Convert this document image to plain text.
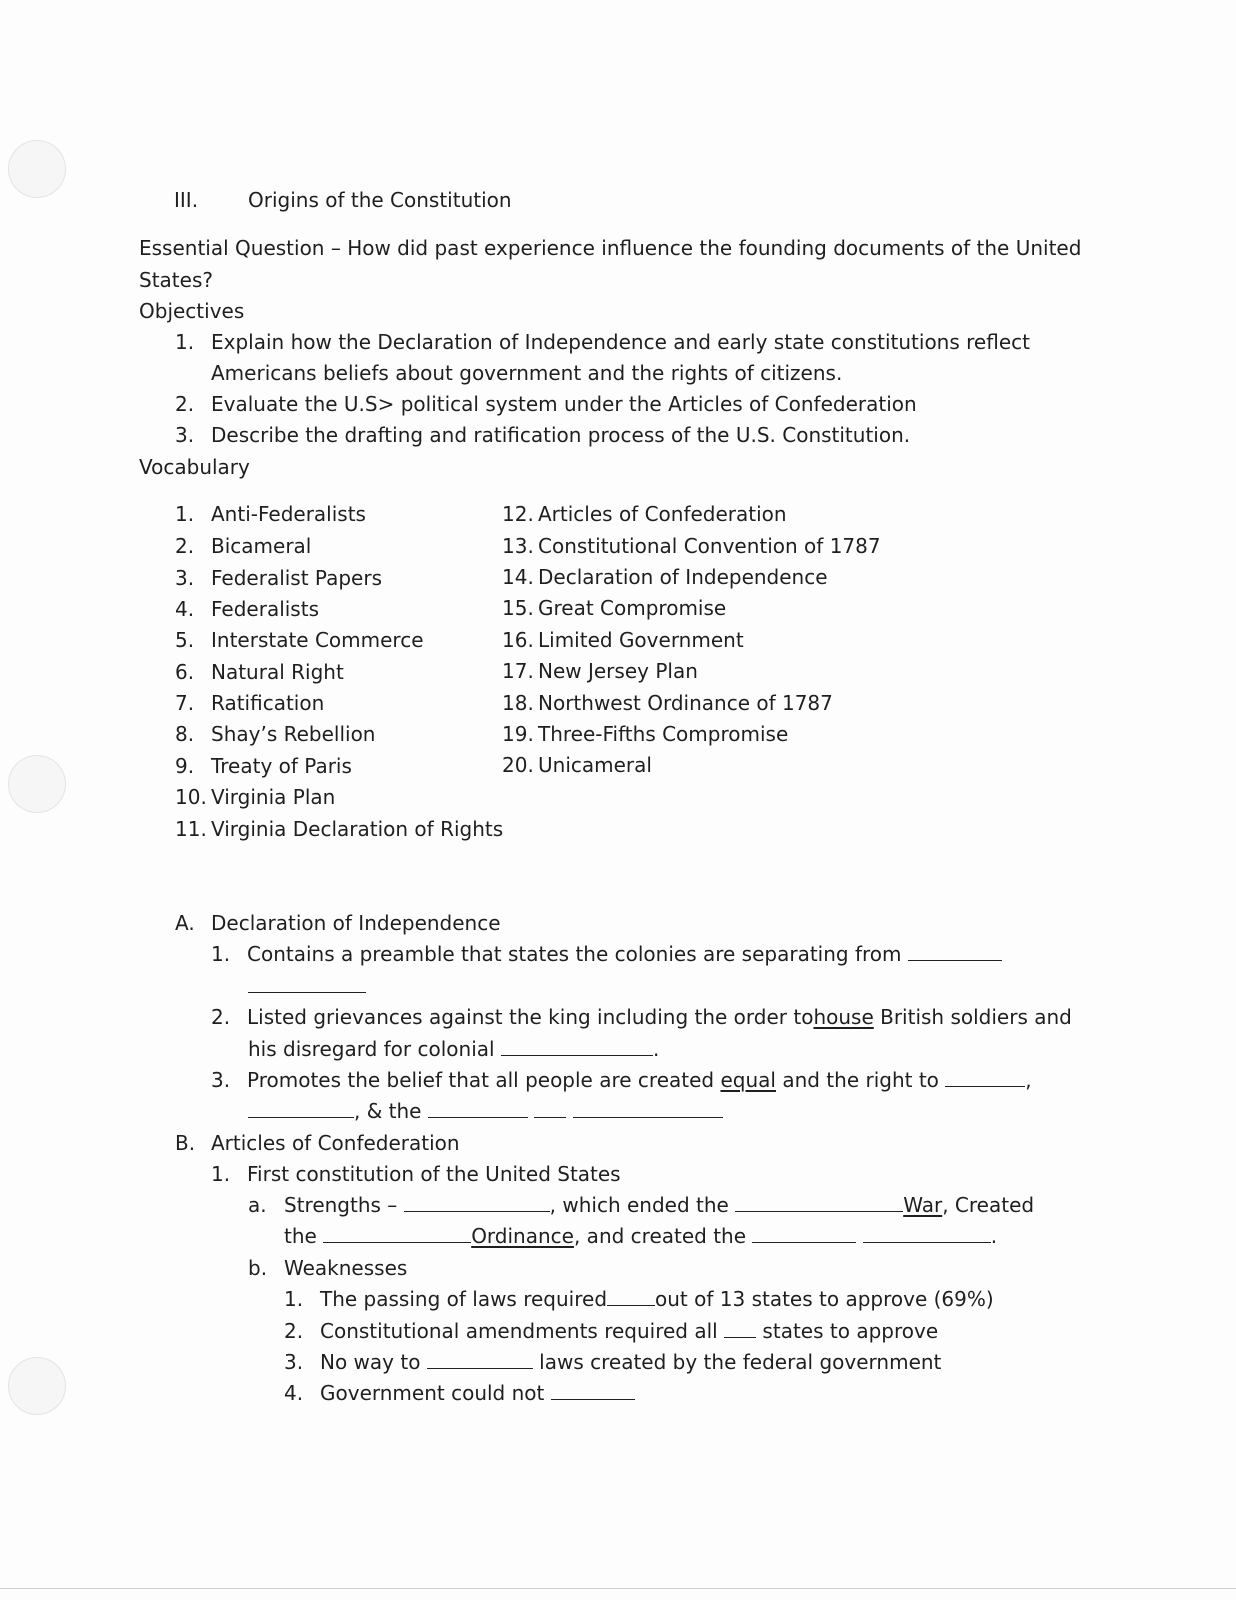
III. Origins of the Constitution
Essential Question – How did past experience influence the founding documents of the United
States?
Objectives
1. Explain how the Declaration of Independence and early state constitutions reflect
Americans beliefs about government and the rights of citizens.
2. Evaluate the U.S> political system under the Articles of Confederation
3. Describe the drafting and ratification process of the U.S. Constitution.
Vocabulary
1. Anti-Federalists
2. Bicameral
3. Federalist Papers
4. Federalists
5. Interstate Commerce
6. Natural Right
7. Ratification
8. Shay’s Rebellion
9. Treaty of Paris
10. Virginia Plan
11. Virginia Declaration of Rights
12. Articles of Confederation
13. Constitutional Convention of 1787
14. Declaration of Independence
15. Great Compromise
16. Limited Government
17. New Jersey Plan
18. Northwest Ordinance of 1787
19. Three-Fifths Compromise
20. Unicameral
A. Declaration of Independence
1. Contains a preamble that states the colonies are separating from
2. Listed grievances against the king including the order tohouse British soldiers and
his disregard for colonial	.
3. Promotes the belief that all people are created equal and the right to	,
, & the
B. Articles of Confederation
1. First constitution of the United States
a. Strengths –	, which ended the	War, Created
the	Ordinance, and created the	.
b. Weaknesses
1. The passing of laws required out of 13 states to approve (69%)
2. Constitutional amendments required all  states to approve
3. No way to	laws created by the federal government
4. Government could not
